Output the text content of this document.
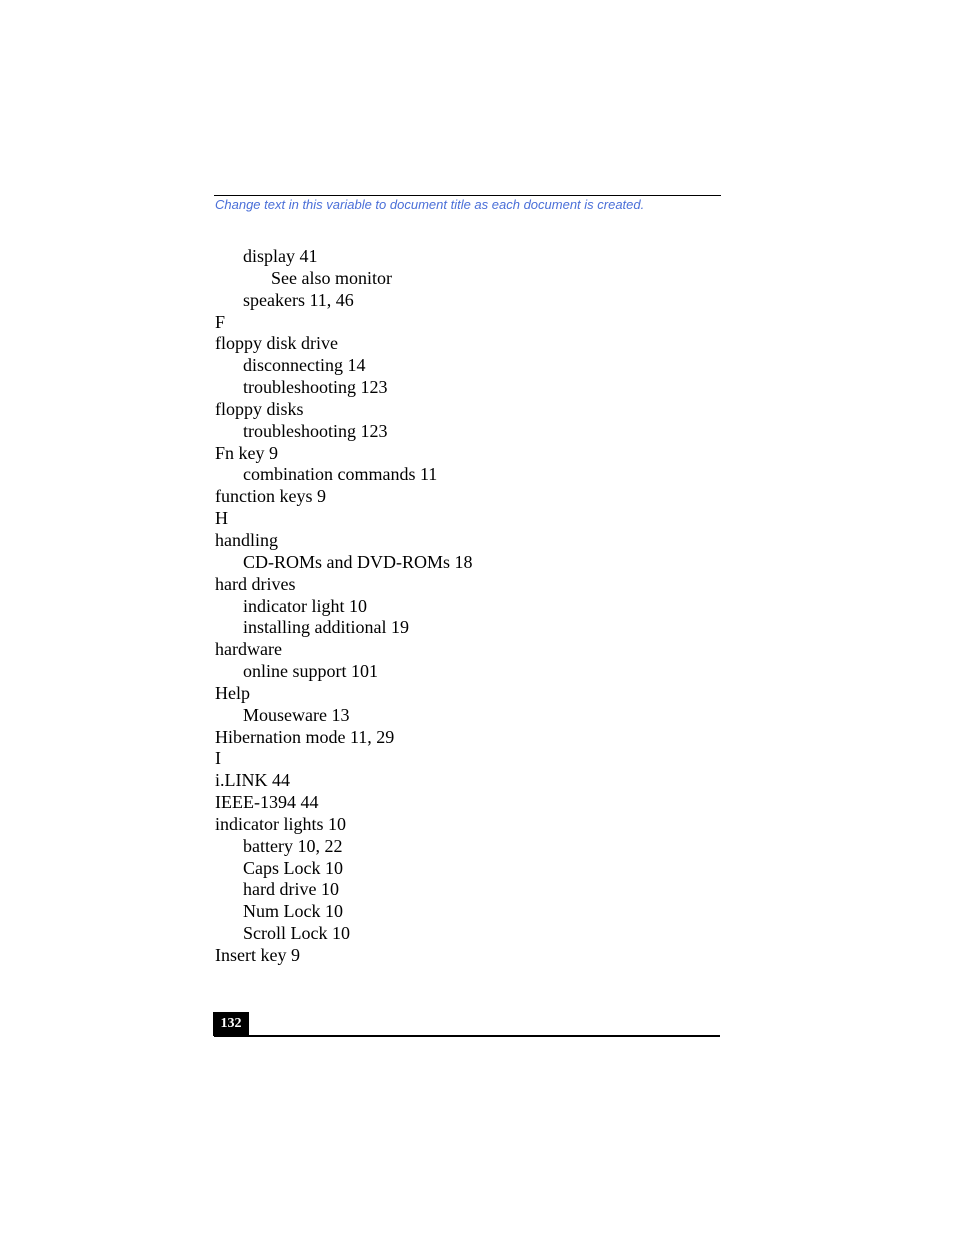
Change text in this variable to document title as each document is created.
display 41
See also monitor
speakers 11, 46
F
floppy disk drive
disconnecting 14
troubleshooting 123
floppy disks
troubleshooting 123
Fn key 9
combination commands 11
function keys 9
H
handling
CD-ROMs and DVD-ROMs 18
hard drives
indicator light 10
installing additional 19
hardware
online support 101
Help
Mouseware 13
Hibernation mode 11, 29
I
i.LINK 44
IEEE-1394 44
indicator lights 10
battery 10, 22
Caps Lock 10
hard drive 10
Num Lock 10
Scroll Lock 10
Insert key 9
132
